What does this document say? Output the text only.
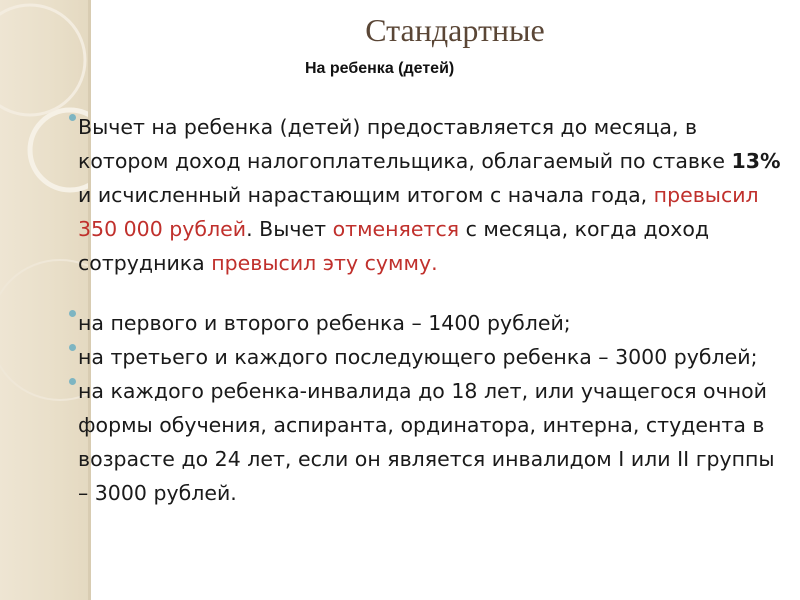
Стандартные
На ребенка (детей)
Вычет на ребенка (детей) предоставляется до месяца, в котором доход налогоплательщика, облагаемый по ставке 13% и исчисленный нарастающим итогом с начала года, превысил 350 000 рублей. Вычет отменяется с месяца, когда доход сотрудника превысил эту сумму.
на первого и второго ребенка – 1400 рублей;
на третьего и каждого последующего ребенка – 3000 рублей;
на каждого ребенка-инвалида до 18 лет, или учащегося очной формы обучения, аспиранта, ординатора, интерна, студента в возрасте до 24 лет, если он является инвалидом I или II группы – 3000 рублей.
